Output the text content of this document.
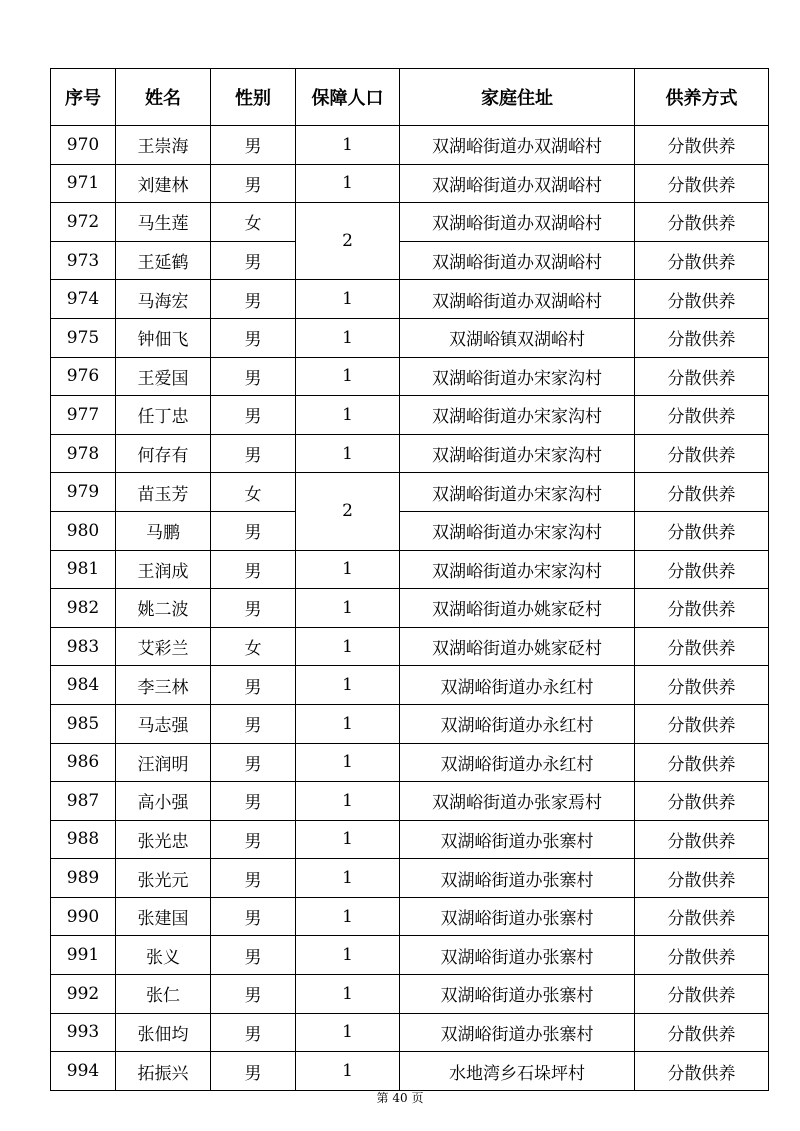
序号	姓名	性别	保障人口	家庭住址	供养方式
970	王崇海	男	1	双湖峪街道办双湖峪村	分散供养
971	刘建林	男	1	双湖峪街道办双湖峪村	分散供养
972	马生莲	女	2	双湖峪街道办双湖峪村	分散供养
973	王延鹤	男		双湖峪街道办双湖峪村	分散供养
974	马海宏	男	1	双湖峪街道办双湖峪村	分散供养
975	钟佃飞	男	1	双湖峪镇双湖峪村	分散供养
976	王爱国	男	1	双湖峪街道办宋家沟村	分散供养
977	任丁忠	男	1	双湖峪街道办宋家沟村	分散供养
978	何存有	男	1	双湖峪街道办宋家沟村	分散供养
979	苗玉芳	女	2	双湖峪街道办宋家沟村	分散供养
980	马鹏	男		双湖峪街道办宋家沟村	分散供养
981	王润成	男	1	双湖峪街道办宋家沟村	分散供养
982	姚二波	男	1	双湖峪街道办姚家砭村	分散供养
983	艾彩兰	女	1	双湖峪街道办姚家砭村	分散供养
984	李三林	男	1	双湖峪街道办永红村	分散供养
985	马志强	男	1	双湖峪街道办永红村	分散供养
986	汪润明	男	1	双湖峪街道办永红村	分散供养
987	高小强	男	1	双湖峪街道办张家焉村	分散供养
988	张光忠	男	1	双湖峪街道办张寨村	分散供养
989	张光元	男	1	双湖峪街道办张寨村	分散供养
990	张建国	男	1	双湖峪街道办张寨村	分散供养
991	张义	男	1	双湖峪街道办张寨村	分散供养
992	张仁	男	1	双湖峪街道办张寨村	分散供养
993	张佃均	男	1	双湖峪街道办张寨村	分散供养
994	拓振兴	男	1	水地湾乡石垛坪村	分散供养
第 40 页
